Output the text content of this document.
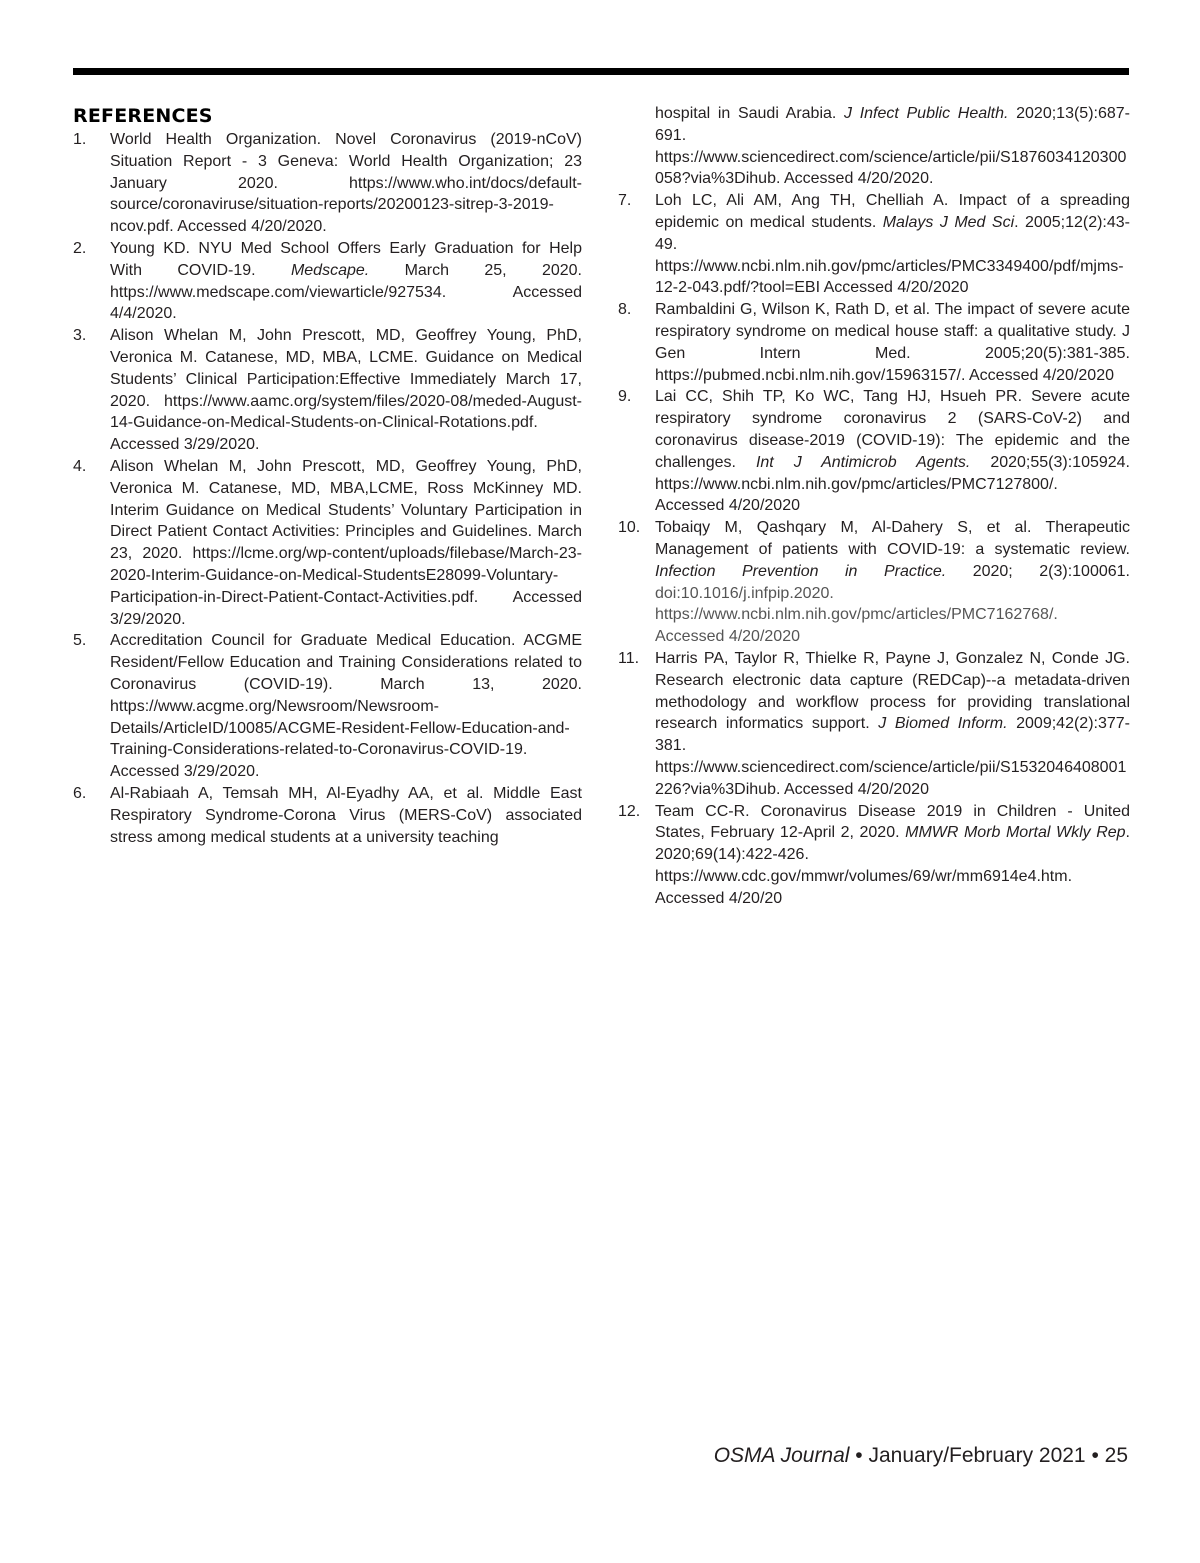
REFERENCES
1. World Health Organization. Novel Coronavirus (2019-nCoV) Situation Report - 3 Geneva: World Health Organization; 23 January 2020. https://www.who.int/docs/default-source/coronaviruse/situation-reports/20200123-sitrep-3-2019-ncov.pdf. Accessed 4/20/2020.
2. Young KD. NYU Med School Offers Early Graduation for Help With COVID-19. Medscape. March 25, 2020. https://www.medscape.com/viewarticle/927534. Accessed 4/4/2020.
3. Alison Whelan M, John Prescott, MD, Geoffrey Young, PhD, Veronica M. Catanese, MD, MBA, LCME. Guidance on Medical Students’ Clinical Participation:Effective Immediately March 17, 2020. https://www.aamc.org/system/files/2020-08/meded-August-14-Guidance-on-Medical-Students-on-Clinical-Rotations.pdf. Accessed 3/29/2020.
4. Alison Whelan M, John Prescott, MD, Geoffrey Young, PhD, Veronica M. Catanese, MD, MBA,LCME, Ross McKinney MD. Interim Guidance on Medical Students’ Voluntary Participation in Direct Patient Contact Activities: Principles and Guidelines. March 23, 2020. https://lcme.org/wp-content/uploads/filebase/March-23-2020-Interim-Guidance-on-Medical-StudentsE28099-Voluntary-Participation-in-Direct-Patient-Contact-Activities.pdf. Accessed 3/29/2020.
5. Accreditation Council for Graduate Medical Education. ACGME Resident/Fellow Education and Training Considerations related to Coronavirus (COVID-19). March 13, 2020. https://www.acgme.org/Newsroom/Newsroom-Details/ArticleID/10085/ACGME-Resident-Fellow-Education-and-Training-Considerations-related-to-Coronavirus-COVID-19. Accessed 3/29/2020.
6. Al-Rabiaah A, Temsah MH, Al-Eyadhy AA, et al. Middle East Respiratory Syndrome-Corona Virus (MERS-CoV) associated stress among medical students at a university teaching
hospital in Saudi Arabia. J Infect Public Health. 2020;13(5):687-691. https://www.sciencedirect.com/science/article/pii/S1876034120300058?via%3Dihub. Accessed 4/20/2020.
7. Loh LC, Ali AM, Ang TH, Chelliah A. Impact of a spreading epidemic on medical students. Malays J Med Sci. 2005;12(2):43-49. https://www.ncbi.nlm.nih.gov/pmc/articles/PMC3349400/pdf/mjms-12-2-043.pdf/?tool=EBI Accessed 4/20/2020
8. Rambaldini G, Wilson K, Rath D, et al. The impact of severe acute respiratory syndrome on medical house staff: a qualitative study. J Gen Intern Med. 2005;20(5):381-385. https://pubmed.ncbi.nlm.nih.gov/15963157/. Accessed 4/20/2020
9. Lai CC, Shih TP, Ko WC, Tang HJ, Hsueh PR. Severe acute respiratory syndrome coronavirus 2 (SARS-CoV-2) and coronavirus disease-2019 (COVID-19): The epidemic and the challenges. Int J Antimicrob Agents. 2020;55(3):105924. https://www.ncbi.nlm.nih.gov/pmc/articles/PMC7127800/. Accessed 4/20/2020
10. Tobaiqy M, Qashqary M, Al-Dahery S, et al. Therapeutic Management of patients with COVID-19: a systematic review. Infection Prevention in Practice. 2020; 2(3):100061. doi:10.1016/j.infpip.2020. https://www.ncbi.nlm.nih.gov/pmc/articles/PMC7162768/. Accessed 4/20/2020
11. Harris PA, Taylor R, Thielke R, Payne J, Gonzalez N, Conde JG. Research electronic data capture (REDCap)--a metadata-driven methodology and workflow process for providing translational research informatics support. J Biomed Inform. 2009;42(2):377-381. https://www.sciencedirect.com/science/article/pii/S1532046408001226?via%3Dihub. Accessed 4/20/2020
12. Team CC-R. Coronavirus Disease 2019 in Children - United States, February 12-April 2, 2020. MMWR Morb Mortal Wkly Rep. 2020;69(14):422-426. https://www.cdc.gov/mmwr/volumes/69/wr/mm6914e4.htm. Accessed 4/20/20
OSMA Journal • January/February 2021 • 25
